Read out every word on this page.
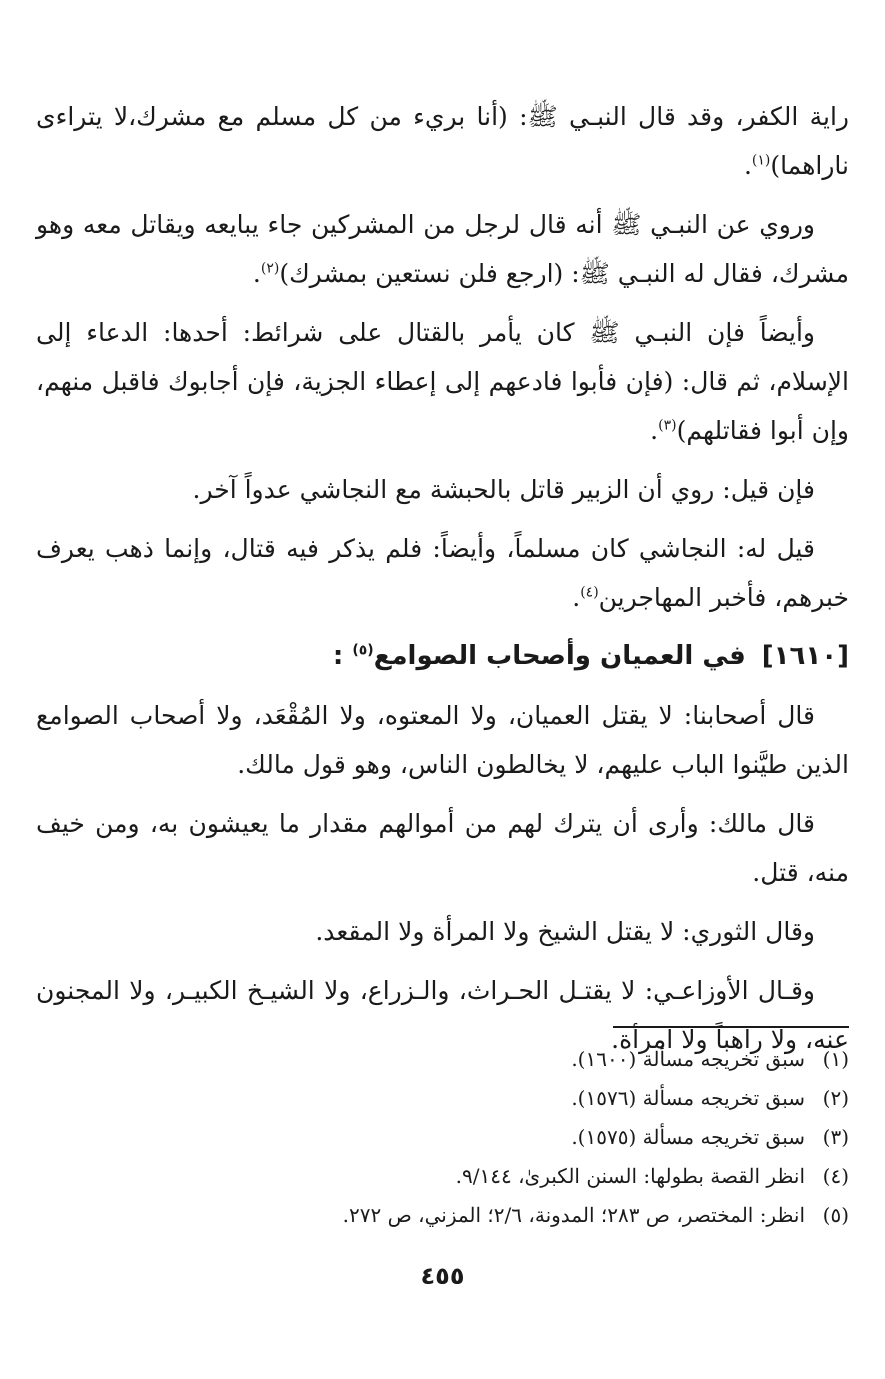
راية الكفر، وقد قال النبـي ﷺ: (أنا بريء من كل مسلم مع مشرك،لا يتراءى ناراهما)$^{(١)}$.

وروي عن النبـي ﷺ أنه قال لرجل من المشركين جاء يبايعه ويقاتل معه وهو مشرك، فقال له النبـي ﷺ: (ارجع فلن نستعين بمشرك)$^{(٢)}$.

وأيضاً فإن النبـي ﷺ كان يأمر بالقتال على شرائط: أحدها: الدعاء إلى الإسلام، ثم قال: (فإن فأبوا فادعهم إلى إعطاء الجزية، فإن أجابوك فاقبل منهم، وإن أبوا فقاتلهم)$^{(٣)}$.

فإن قيل: روي أن الزبير قاتل بالحبشة مع النجاشي عدواً آخر.

قيل له: النجاشي كان مسلماً، وأيضاً: فلم يذكر فيه قتال، وإنما ذهب يعرف خبرهم، فأخبر المهاجرين$^{(٤)}$.

[١٦١٠]في العميان وأصحاب الصوامع$^{(٥)}$ :

قال أصحابنا: لا يقتل العميان، ولا المعتوه، ولا المُقْعَد، ولا أصحاب الصوامع الذين طيَّنوا الباب عليهم، لا يخالطون الناس، وهو قول مالك.

قال مالك: وأرى أن يترك لهم من أموالهم مقدار ما يعيشون به، ومن خيف منه، قتل.

وقال الثوري: لا يقتل الشيخ ولا المرأة ولا المقعد.

وقـال الأوزاعـي: لا يقتـل الحـراث، والـزراع، ولا الشيـخ الكبيـر، ولا المجنون عنه، ولا راهباً ولا امرأة.

(١)سبق تخريجه مسألة (١٦٠٠).
(٢)سبق تخريجه مسألة (١٥٧٦).
(٣)سبق تخريجه مسألة (١٥٧٥).
(٤)انظر القصة بطولها: السنن الكبرىٰ، ٩/١٤٤.
(٥)انظر: المختصر، ص ٢٨٣؛ المدونة، ٢/٦؛ المزني، ص ٢٧٢.
٤٥٥
